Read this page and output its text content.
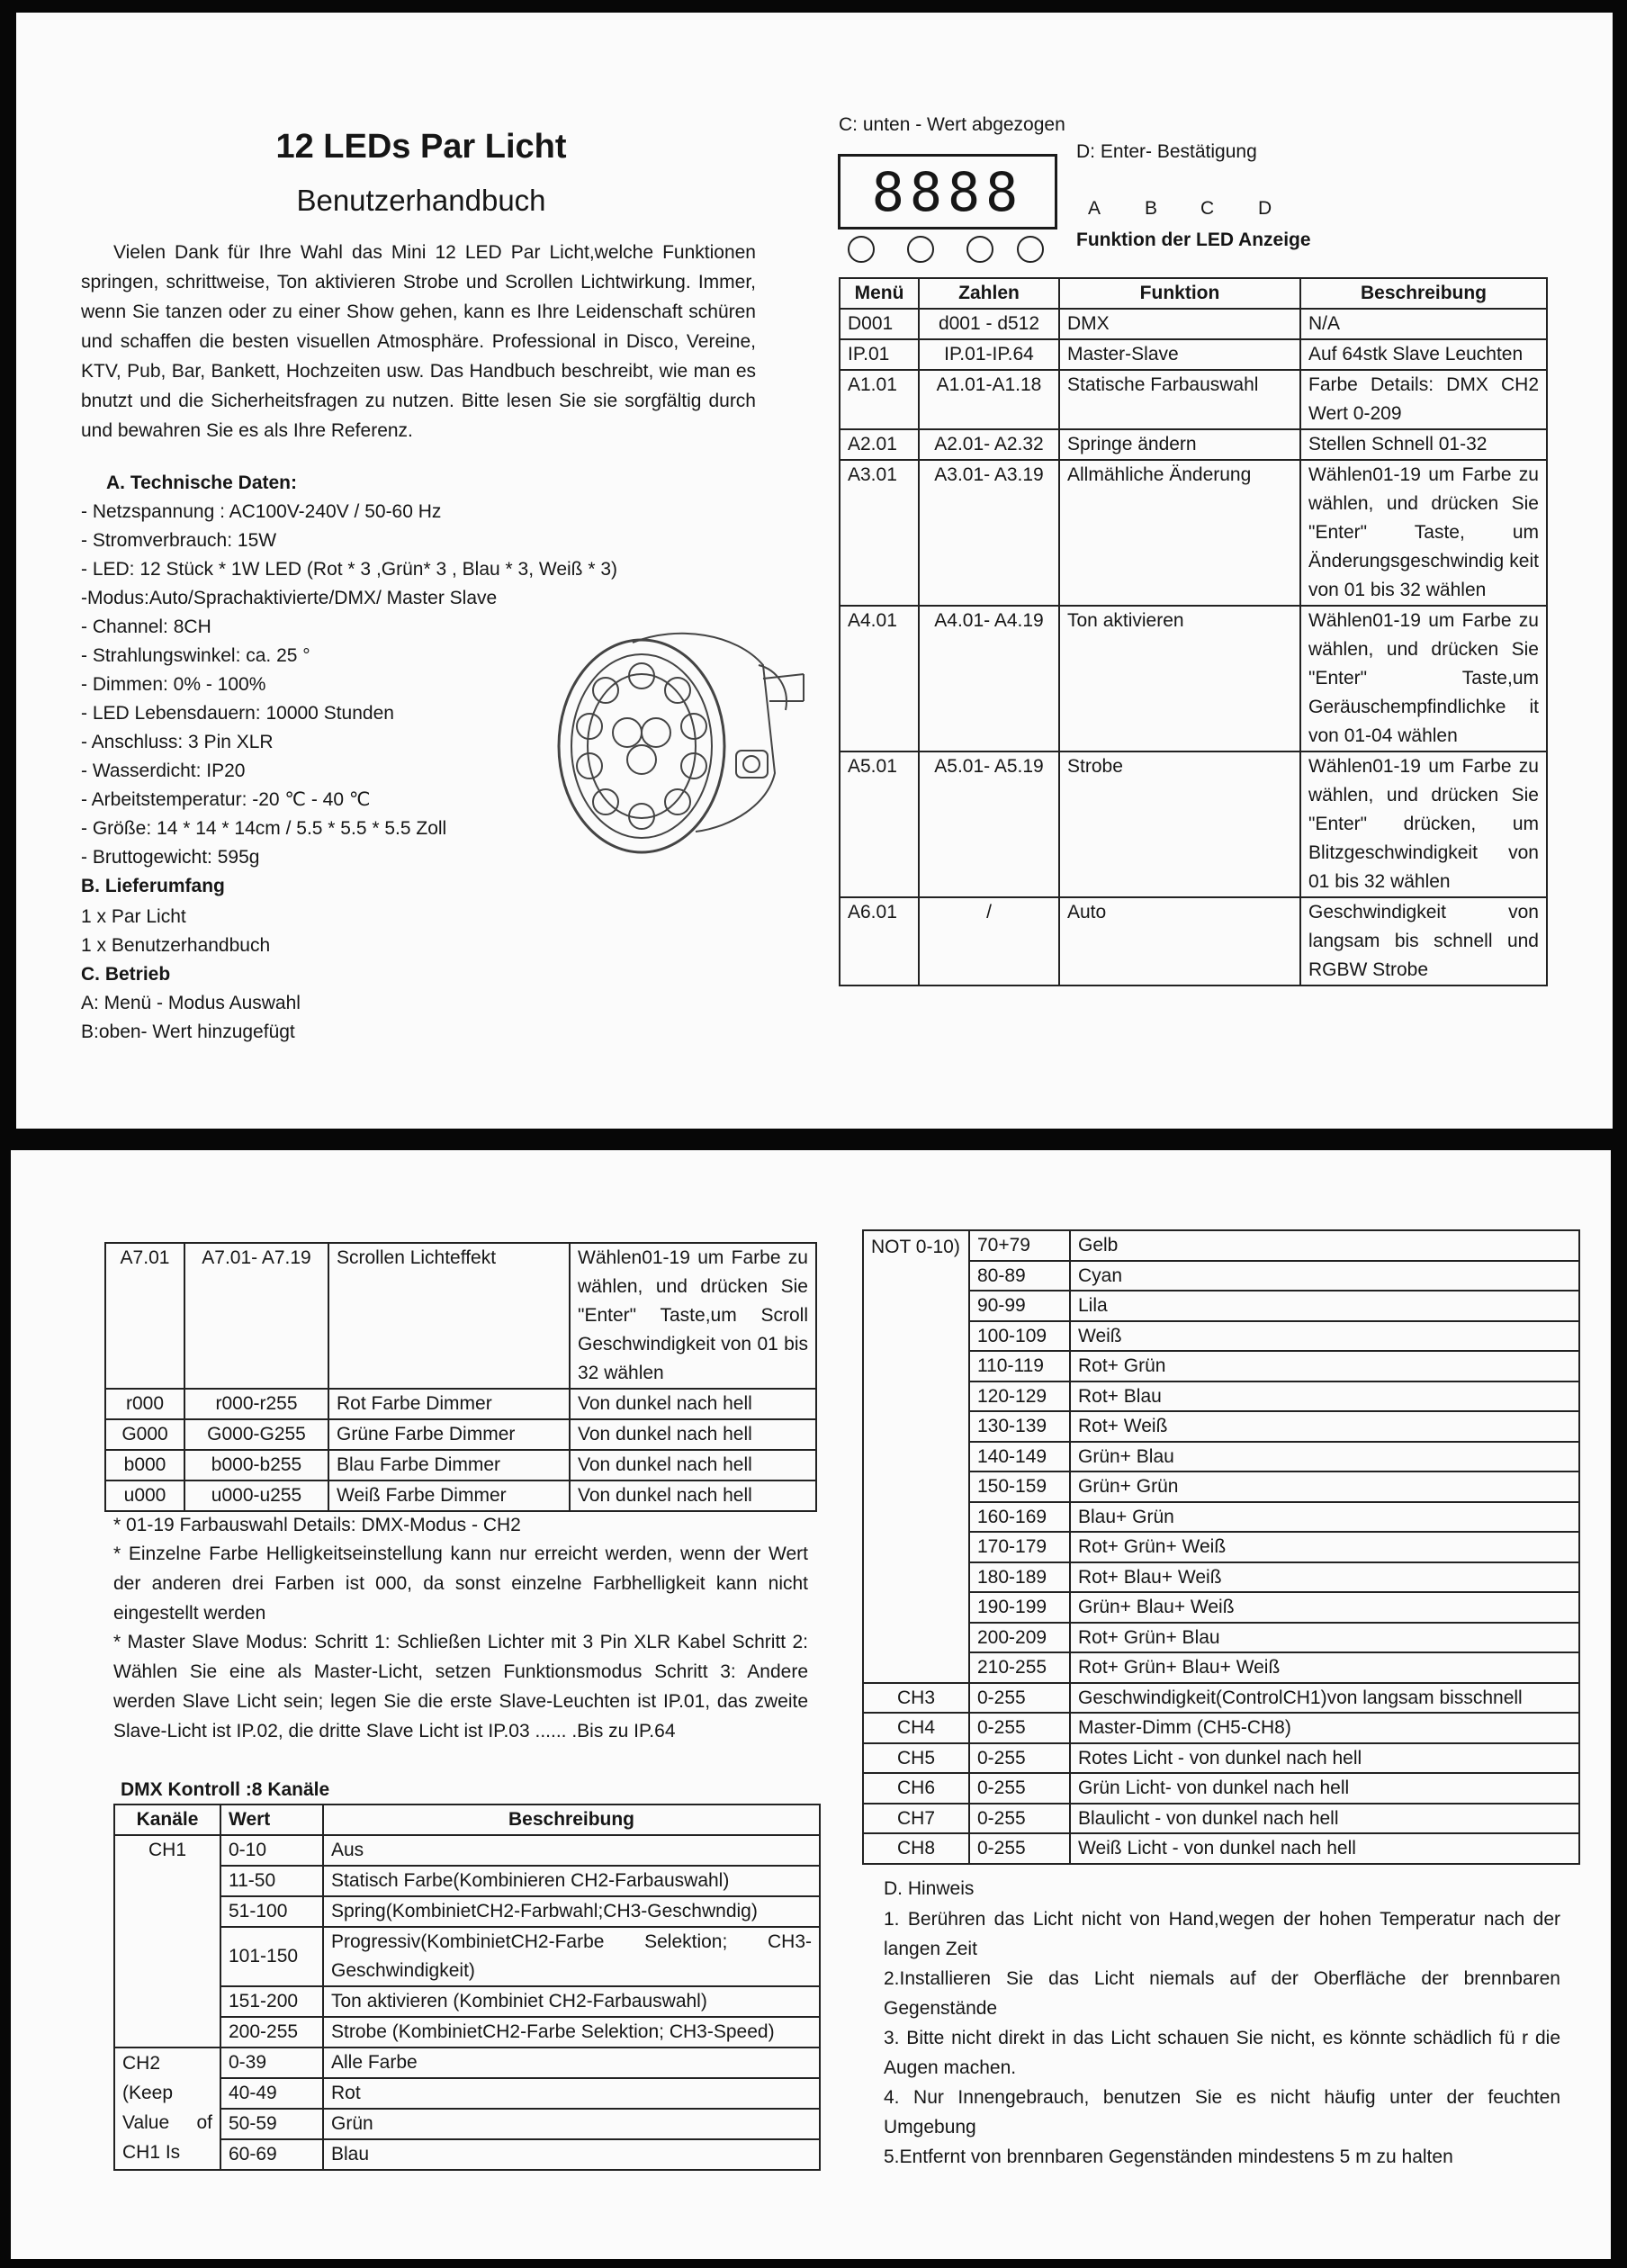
12 LEDs Par Licht
Benutzerhandbuch
Vielen Dank für Ihre Wahl das Mini 12 LED Par Licht,welche Funktionen springen, schrittweise, Ton aktivieren Strobe und Scrollen Lichtwirkung. Immer, wenn Sie tanzen oder zu einer Show gehen, kann es Ihre Leidenschaft schüren und schaffen die besten visuellen Atmosphäre. Professional in Disco, Vereine, KTV, Pub, Bar, Bankett, Hochzeiten usw. Das Handbuch beschreibt, wie man es bnutzt und die Sicherheitsfragen zu nutzen. Bitte lesen Sie sie sorgfältig durch und bewahren Sie es als Ihre Referenz.
A. Technische Daten:
- Netzspannung : AC100V-240V / 50-60 Hz
- Stromverbrauch: 15W
- LED: 12 Stück * 1W LED (Rot * 3 ,Grün* 3 , Blau * 3, Weiß * 3)
-Modus:Auto/Sprachaktivierte/DMX/ Master Slave
- Channel: 8CH
- Strahlungswinkel: ca. 25 °
- Dimmen: 0% - 100%
- LED Lebensdauern: 10000 Stunden
- Anschluss: 3 Pin XLR
- Wasserdicht: IP20
- Arbeitstemperatur: -20 ℃ - 40 ℃
- Größe: 14 * 14 * 14cm / 5.5 * 5.5 * 5.5 Zoll
- Bruttogewicht: 595g
B. Lieferumfang
1 x Par Licht
1 x Benutzerhandbuch
C. Betrieb
A: Menü - Modus Auswahl
B:oben- Wert hinzugefügt
C: unten - Wert abgezogen
D: Enter- Bestätigung
8888	A B C D
Funktion der LED Anzeige
Menü	Zahlen	Funktion	Beschreibung
D001	d001 - d512	DMX	N/A
IP.01	IP.01-IP.64	Master-Slave	Auf 64stk Slave Leuchten
A1.01	A1.01-A1.18	Statische Farbauswahl	Farbe Details: DMX CH2 Wert 0-209
A2.01	A2.01- A2.32	Springe ändern	Stellen Schnell 01-32
A3.01	A3.01- A3.19	Allmähliche Änderung	Wählen01-19 um Farbe zu wählen, und drücken Sie "Enter" Taste, um Änderungsgeschwindig keit von 01 bis 32 wählen
A4.01	A4.01- A4.19	Ton aktivieren	Wählen01-19 um Farbe zu wählen, und drücken Sie "Enter" Taste,um Geräuschempfindlichke it von 01-04 wählen
A5.01	A5.01- A5.19	Strobe	Wählen01-19 um Farbe zu wählen, und drücken Sie "Enter" drücken, um Blitzgeschwindigkeit von 01 bis 32 wählen
A6.01	/	Auto	Geschwindigkeit von langsam bis schnell und RGBW Strobe
A7.01	A7.01- A7.19	Scrollen Lichteffekt	Wählen01-19 um Farbe zu wählen, und drücken Sie "Enter" Taste,um Scroll Geschwindigkeit von 01 bis 32 wählen
r000	r000-r255	Rot Farbe Dimmer	Von dunkel nach hell
G000	G000-G255	Grüne Farbe Dimmer	Von dunkel nach hell
b000	b000-b255	Blau Farbe Dimmer	Von dunkel nach hell
u000	u000-u255	Weiß Farbe Dimmer	Von dunkel nach hell
* 01-19 Farbauswahl Details: DMX-Modus - CH2
* Einzelne Farbe Helligkeitseinstellung kann nur erreicht werden, wenn der Wert der anderen drei Farben ist 000, da sonst einzelne Farbhelligkeit kann nicht eingestellt werden
* Master Slave Modus: Schritt 1: Schließen Lichter mit 3 Pin XLR Kabel Schritt 2: Wählen Sie eine als Master-Licht, setzen Funktionsmodus Schritt 3: Andere werden Slave Licht sein; legen Sie die erste Slave-Leuchten ist IP.01, das zweite Slave-Licht ist IP.02, die dritte Slave Licht ist IP.03 ...... .Bis zu IP.64
DMX Kontroll :8 Kanäle
Kanäle	Wert	Beschreibung
CH1	0-10	Aus
	11-50	Statisch Farbe(Kombinieren CH2-Farbauswahl)
	51-100	Spring(KombinietCH2-Farbwahl;CH3-Geschwndig)
	101-150	Progressiv(KombinietCH2-Farbe Selektion; CH3-Geschwindigkeit)
	151-200	Ton aktivieren (Kombiniet CH2-Farbauswahl)
	200-255	Strobe (KombinietCH2-Farbe Selektion; CH3-Speed)

CH2 (Keep Value of CH1 Is	0-39	Alle Farbe
	40-49	Rot
	50-59	Grün
	60-69	Blau
NOT 0-10)	70+79	Gelb
	80-89	Cyan
	90-99	Lila
	100-109	Weiß
	110-119	Rot+ Grün
	120-129	Rot+ Blau
	130-139	Rot+ Weiß
	140-149	Grün+ Blau
	150-159	Grün+ Grün
	160-169	Blau+ Grün
	170-179	Rot+ Grün+ Weiß
	180-189	Rot+ Blau+ Weiß
	190-199	Grün+ Blau+ Weiß
	200-209	Rot+ Grün+ Blau
	210-255	Rot+ Grün+ Blau+ Weiß
CH3	0-255	Geschwindigkeit(ControlCH1)von langsam bisschnell
CH4	0-255	Master-Dimm (CH5-CH8)
CH5	0-255	Rotes Licht - von dunkel nach hell
CH6	0-255	Grün Licht- von dunkel nach hell
CH7	0-255	Blaulicht - von dunkel nach hell
CH8	0-255	Weiß Licht - von dunkel nach hell
D. Hinweis
1. Berühren das Licht nicht von Hand,wegen der hohen Temperatur nach der langen Zeit
2.Installieren Sie das Licht niemals auf der Oberfläche der brennbaren Gegenstände
3. Bitte nicht direkt in das Licht schauen Sie nicht, es könnte schädlich fü r die Augen machen.
4. Nur Innengebrauch, benutzen Sie es nicht häufig unter der feuchten Umgebung
5.Entfernt von brennbaren Gegenständen mindestens 5 m zu halten
